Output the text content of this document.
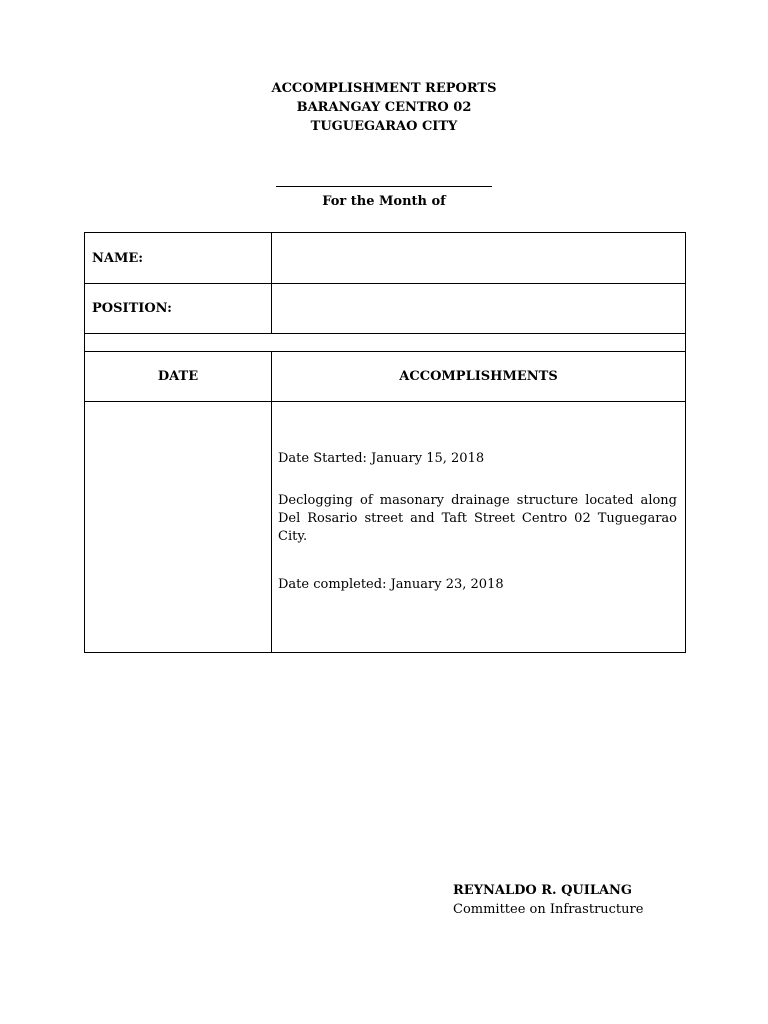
ACCOMPLISHMENT REPORTS
BARANGAY CENTRO 02
TUGUEGARAO CITY
For the Month of
NAME:	
POSITION:	

DATE	ACCOMPLISHMENTS

	Date Started: January 15, 2018

Declogging of masonary drainage structure located along Del Rosario street and Taft Street Centro 02 Tuguegarao City.

Date completed: January 23, 2018

REYNALDO R. QUILANG
Committee on Infrastructure
